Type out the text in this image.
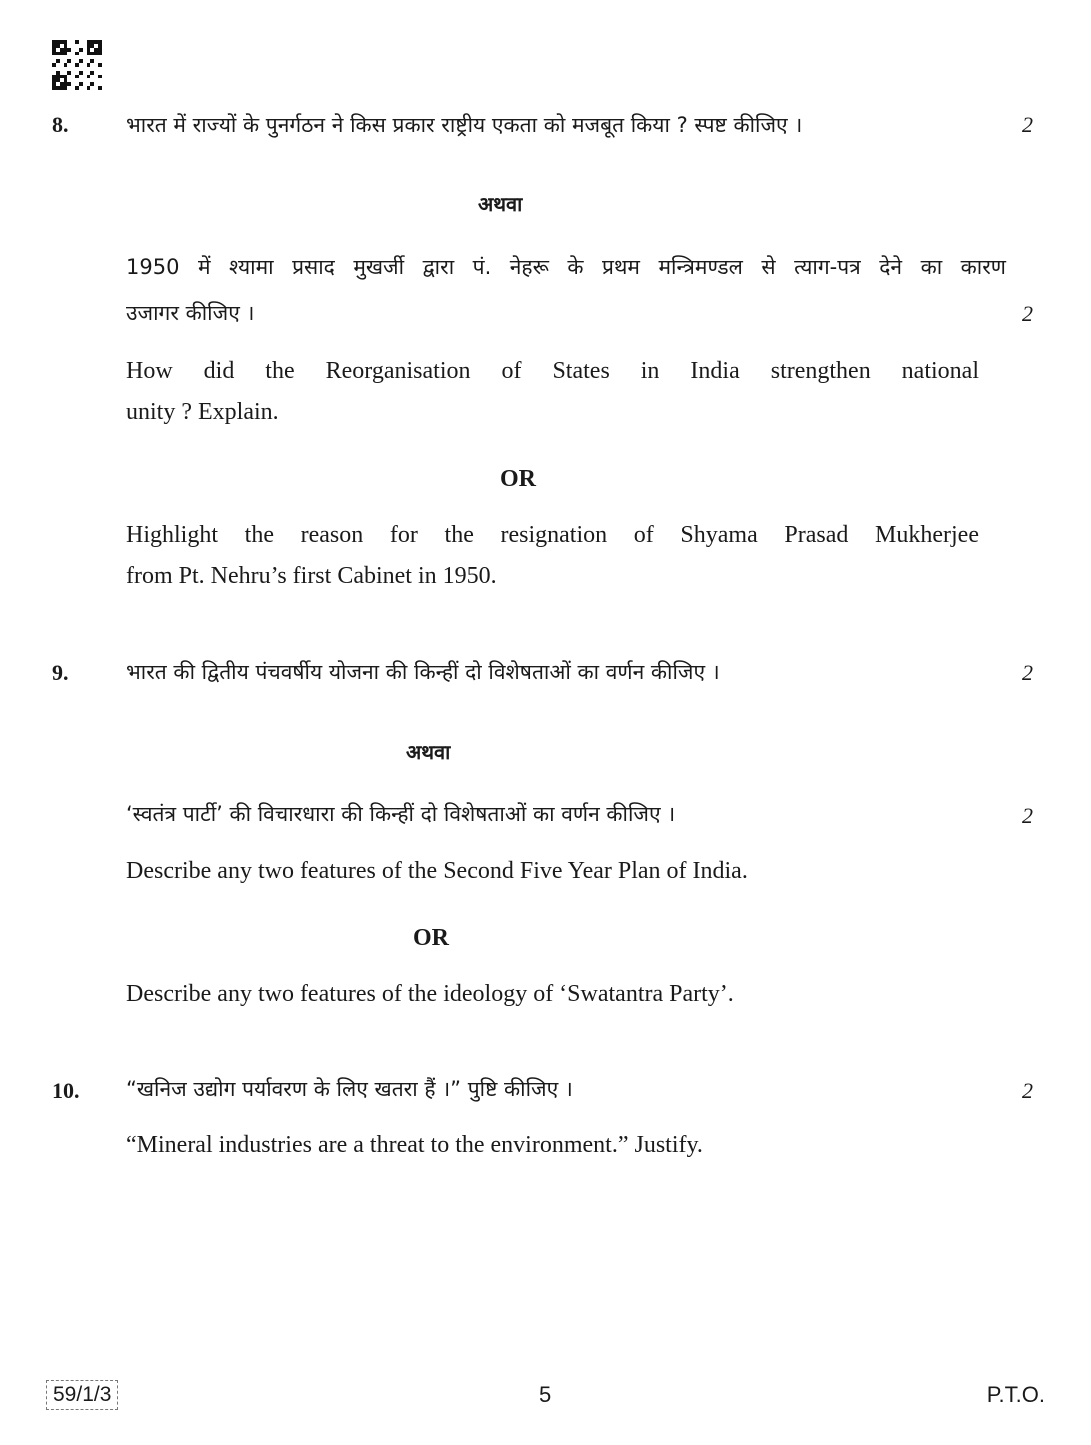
8.	भारत में राज्यों के पुनर्गठन ने किस प्रकार राष्ट्रीय एकता को मजबूत किया ? स्पष्ट कीजिए ।	2
अथवा
1950 में श्यामा प्रसाद मुखर्जी द्वारा पं. नेहरू के प्रथम मन्त्रिमण्डल से त्याग-पत्र देने का कारण
उजागर कीजिए ।	2
How did the Reorganisation of States in India strengthen national
unity ? Explain.
OR
Highlight the reason for the resignation of Shyama Prasad Mukherjee
from Pt. Nehru’s first Cabinet in 1950.
9.	भारत की द्वितीय पंचवर्षीय योजना की किन्हीं दो विशेषताओं का वर्णन कीजिए ।	2
अथवा
‘स्वतंत्र पार्टी’ की विचारधारा की किन्हीं दो विशेषताओं का वर्णन कीजिए ।	2
Describe any two features of the Second Five Year Plan of India.
OR
Describe any two features of the ideology of ‘Swatantra Party’.
10. “खनिज उद्योग पर्यावरण के लिए खतरा हैं ।” पुष्टि कीजिए ।	2
“Mineral industries are a threat to the environment.” Justify.
59/1/3	5	P.T.O.
